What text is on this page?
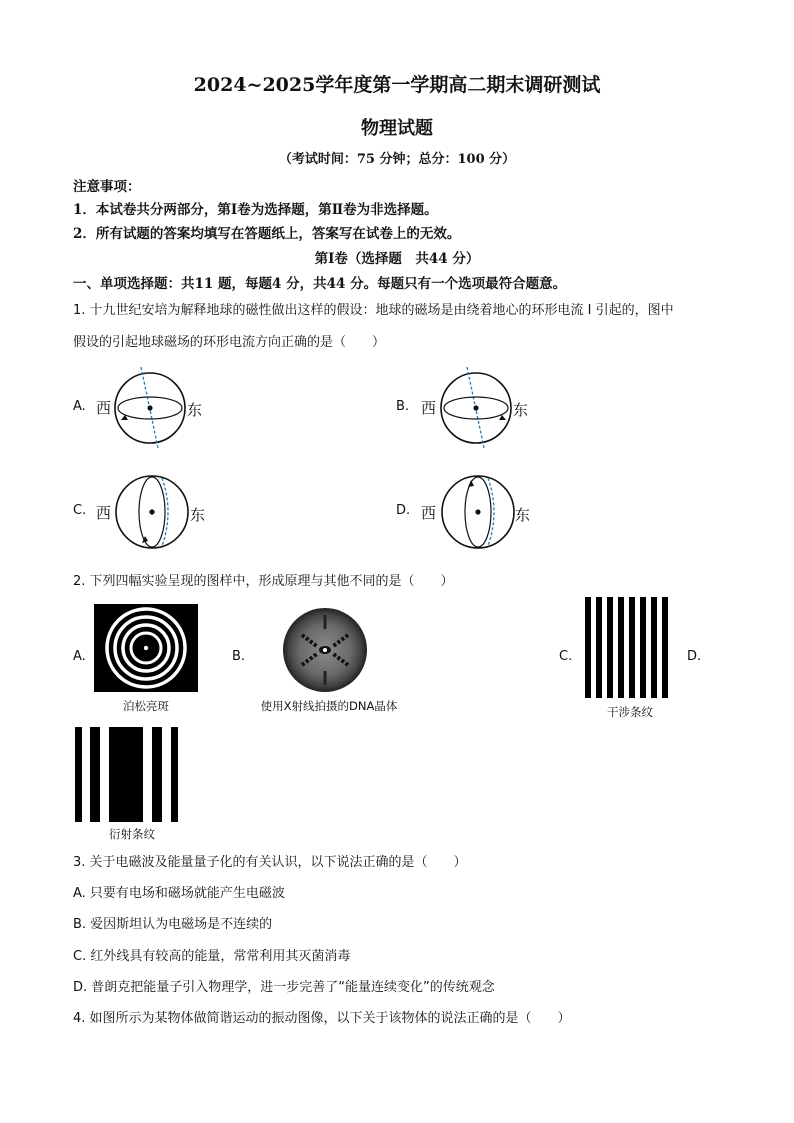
2024~2025学年度第一学期高二期末调研测试
物理试题
（考试时间：75 分钟；总分：100 分）
注意事项：
1．本试卷共分两部分，第Ⅰ卷为选择题，第Ⅱ卷为非选择题。
2．所有试题的答案均填写在答题纸上，答案写在试卷上的无效。
第Ⅰ卷（选择题　共44 分）
一、单项选择题：共11 题，每题4 分，共44 分。每题只有一个选项最符合题意。
1. 十九世纪安培为解释地球的磁性做出这样的假设：地球的磁场是由绕着地心的环形电流 I 引起的，图中
假设的引起地球磁场的环形电流方向正确的是（　　）
A. 西	东	B. 西	东
C. 西	东	D. 西	东
2. 下列四幅实验呈现的图样中，形成原理与其他不同的是（　　）
A.
泊松亮斑
B.
使用X射线拍摄的DNA晶体
C.
干涉条纹
D.
衍射条纹
3. 关于电磁波及能量量子化的有关认识，以下说法正确的是（　　）
A. 只要有电场和磁场就能产生电磁波
B. 爱因斯坦认为电磁场是不连续的
C. 红外线具有较高的能量，常常利用其灭菌消毒
D. 普朗克把能量子引入物理学，进一步完善了“能量连续变化”的传统观念
4. 如图所示为某物体做简谐运动的振动图像，以下关于该物体的说法正确的是（　　）
